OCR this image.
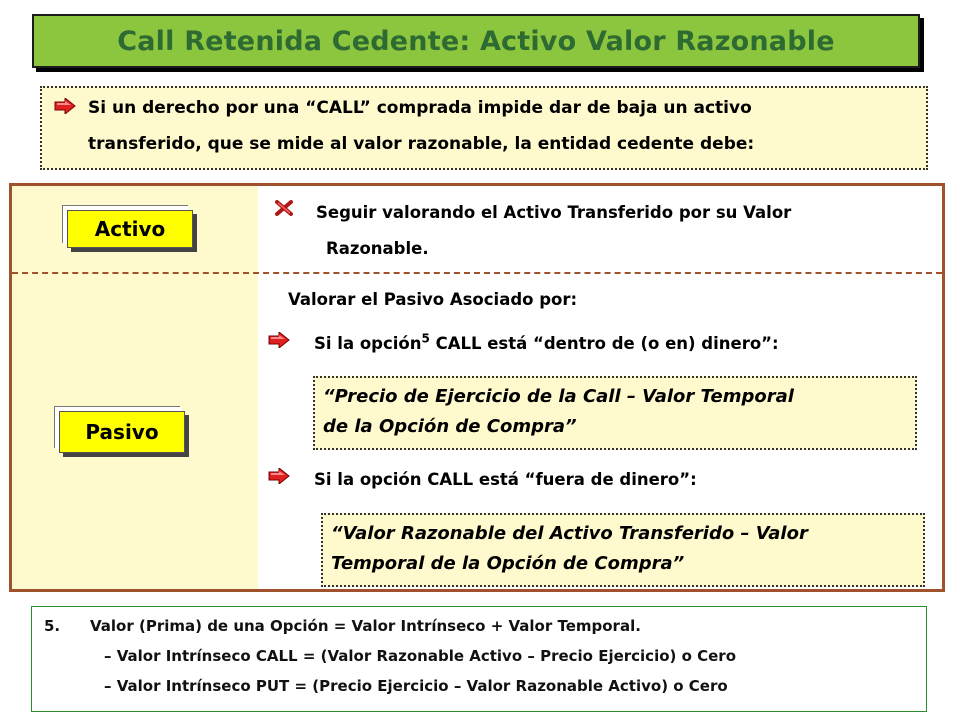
Call Retenida Cedente: Activo Valor Razonable
Si un derecho por una “CALL” comprada impide dar de baja un activo
transferido, que se mide al valor razonable, la entidad cedente debe:
Activo
Seguir valorando el Activo Transferido por su Valor
Razonable.
Pasivo
Valorar el Pasivo Asociado por:
Si la opción$^5$ CALL está “dentro de (o en) dinero”:
“Precio de Ejercicio de la Call – Valor Temporal
de la Opción de Compra”
Si la opción CALL está “fuera de dinero”:
“Valor Razonable del Activo Transferido – Valor
Temporal de la Opción de Compra”
5. Valor (Prima) de una Opción = Valor Intrínseco + Valor Temporal.
– Valor Intrínseco CALL = (Valor Razonable Activo – Precio Ejercicio) o Cero
– Valor Intrínseco PUT = (Precio Ejercicio – Valor Razonable Activo) o Cero
